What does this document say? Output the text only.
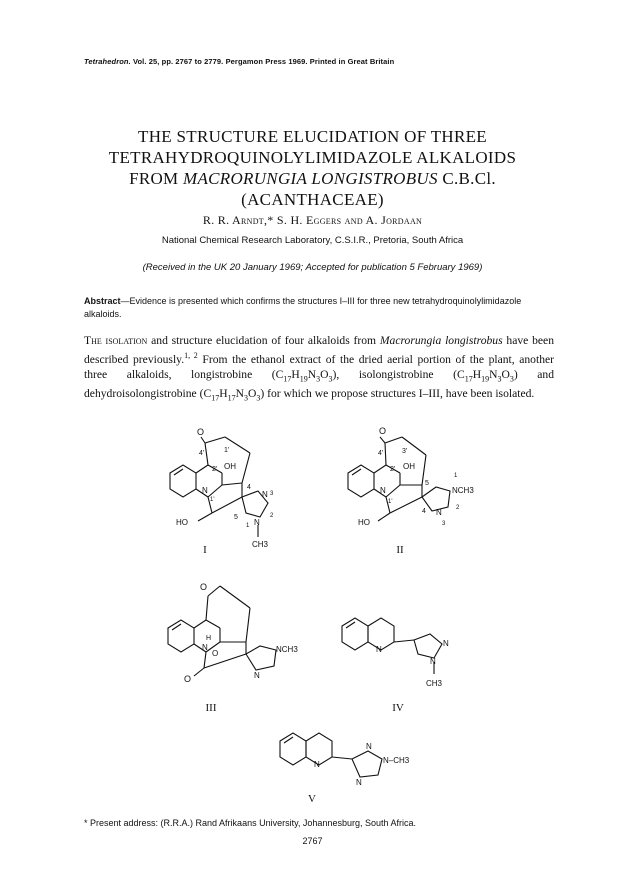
Tetrahedron. Vol. 25, pp. 2767 to 2779. Pergamon Press 1969. Printed in Great Britain
THE STRUCTURE ELUCIDATION OF THREE
TETRAHYDROQUINOLYLIMIDAZOLE ALKALOIDS
FROM MACRORUNGIA LONGISTROBUS C.B.Cl.
(ACANTHACEAE)
R. R. Arndt,* S. H. Eggers and A. Jordaan
National Chemical Research Laboratory, C.S.I.R., Pretoria, South Africa
(Received in the UK 20 January 1969; Accepted for publication 5 February 1969)
Abstract—Evidence is presented which confirms the structures I–III for three new tetrahydroquinolylimidazole alkaloids.
The isolation and structure elucidation of four alkaloids from Macrorungia longistrobus have been described previously.$^{1, 2}$ From the ethanol extract of the dried aerial portion of the plant, another three alkaloids, longistrobine $(C_{17}H_{19}N_3O_3)$, isolongistrobine $(C_{17}H_{19}N_3O_3)$ and dehydroisolongistrobine $(C_{17}H_{17}N_3O_3)$ for which we propose structures I–III, have been isolated.
O
4'	1'
2' OH
N
1'
HO
4
N 3
5
N
1
2
CH3
I
O
4'	3'
2' OH
N
1'
HO
5
1
NCH3
4 N 2
3
II
O
H
N
O
O
NCH3
N
III
N
N
N
CH3
IV
N
N
N–CH3
N
V
* Present address: (R.R.A.) Rand Afrikaans University, Johannesburg, South Africa.
2767
